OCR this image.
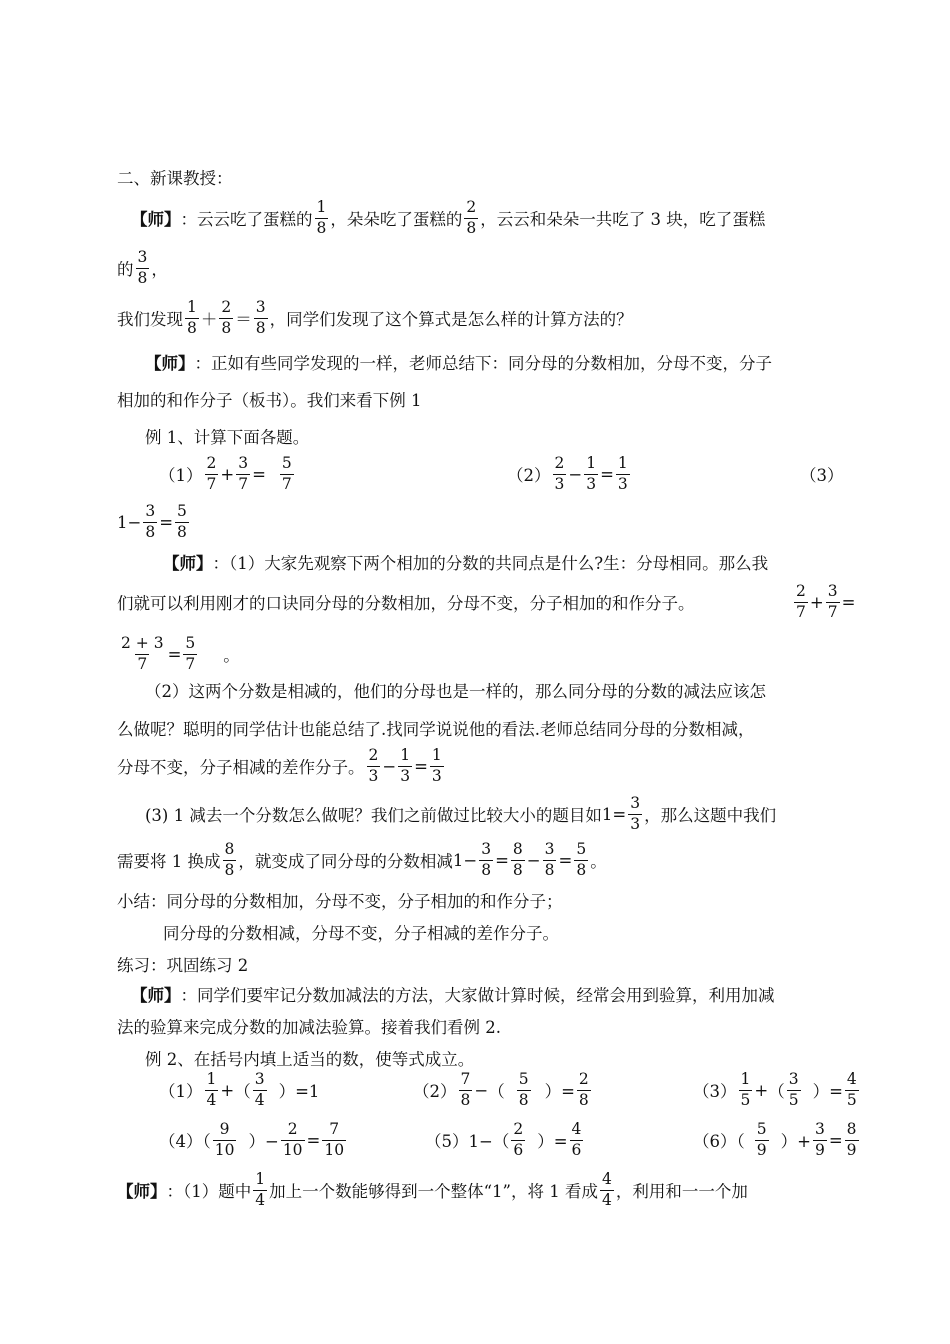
二、新课教授：
【师】 ：云云吃了蛋糕的 $\frac{1}{8}$ ，朵朵吃了蛋糕的 $\frac{2}{8}$ ，云云和朵朵一共吃了 3 块，吃了蛋糕
的 $\frac{3}{8}$ ，
我们发现 $\frac{1}{8} + \frac{2}{8} = \frac{3}{8}$ ，同学们发现了这个算式是怎么样的计算方法的？
【师】 ：正如有些同学发现的一样，老师总结下：同分母的分数相加，分母不变，分子
相加的和作分子（板书）。我们来看下例 1
例 1、计算下面各题。
$(1) \frac{2}{7} + \frac{3}{7} = \frac{5}{7}$	$(2) \frac{2}{3} - \frac{1}{3} = \frac{1}{3}$	（3）
$1- \frac{3}{8} = \frac{5}{8}$
【师】 ：（1）大家先观察下两个相加的分数的共同点是什么?生：分母相同。那么我
们就可以利用刚才的口诀同分母的分数相加，分母不变，分子相加的和作分子。	$\frac{2}{7} + \frac{3}{7}$ =
$\frac{2 + 3}{7} = \frac{5}{7}$ 。
（2）这两个分数是相减的，他们的分母也是一样的，那么同分母的分数的减法应该怎
么做呢？聪明的同学估计也能总结了.找同学说说他的看法.老师总结同分母的分数相减，
分母不变，分子相减的差作分子。 $\frac{2}{3} - \frac{1}{3} = \frac{1}{3}$
(3) 1 减去一个分数怎么做呢？我们之前做过比较大小的题目如 $1 = \frac{3}{3}$ ，那么这题中我们
需要将 1 换成 $\frac{8}{8}$ ，就变成了同分母的分数相减 $1- \frac{3}{8} = \frac{8}{8} - \frac{3}{8} = \frac{5}{8}$ 。
小结：同分母的分数相加，分母不变，分子相加的和作分子；
同分母的分数相减，分母不变，分子相减的差作分子。
练习：巩固练习 2
【师】 ：同学们要牢记分数加减法的方法，大家做计算时候，经常会用到验算，利用加减
法的验算来完成分数的加减法验算。接着我们看例 2.
例 2、在括号内填上适当的数，使等式成立。
$(1) \frac{1}{4}$ + （ $\frac{3}{4} )=1$	$(2) \frac{7}{8}$ − （ $\frac{5}{8}$ ）= $\frac{2}{8}$	$(3) \frac{1}{5}$ + （ $\frac{3}{5}$ ）= $\frac{4}{5}$
$(4)( \frac{9}{10}$ ）− $\frac{2}{10} = \frac{7}{10}$	$(5)1-( \frac{2}{6}$ ）= $\frac{4}{6}$	$(6)( \frac{5}{9}$ ）+ $\frac{3}{9} = \frac{8}{9}$
【师】 ：（1）题中 $\frac{1}{4}$ 加上一个数能够得到一个整体“1”，将 1 看成 $\frac{4}{4}$ ，利用和一一个加
